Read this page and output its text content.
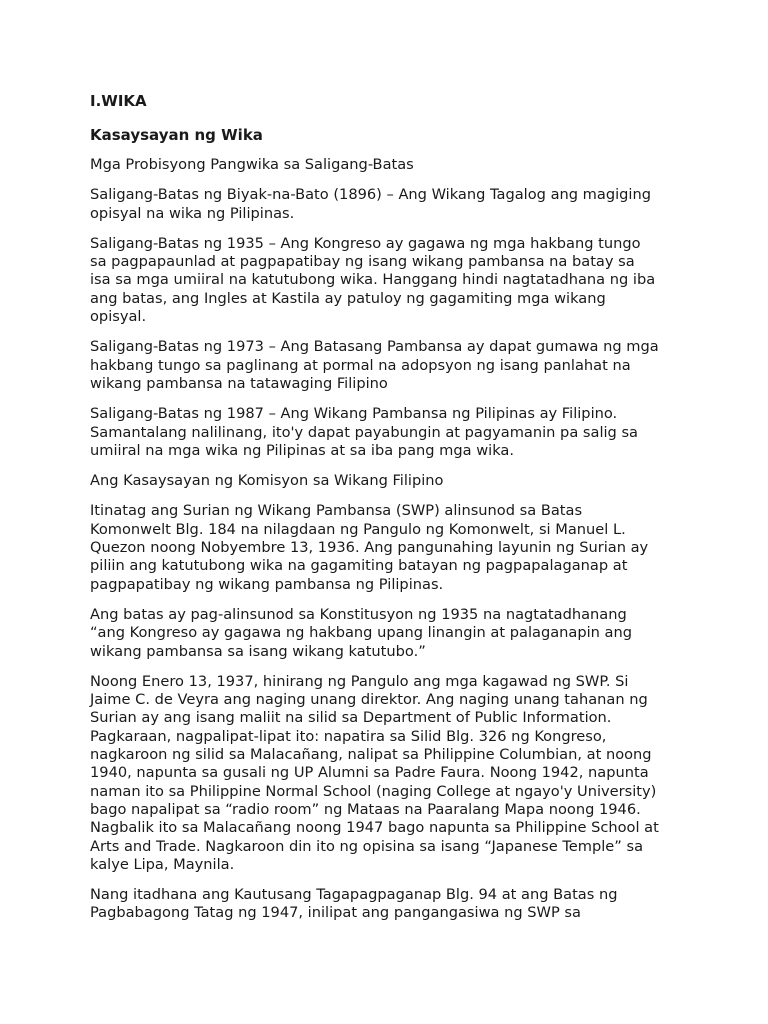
I.WIKA
Kasaysayan ng Wika
Mga Probisyong Pangwika sa Saligang-Batas
Saligang-Batas ng Biyak-na-Bato (1896) – Ang Wikang Tagalog ang magiging
opisyal na wika ng Pilipinas.
Saligang-Batas ng 1935 – Ang Kongreso ay gagawa ng mga hakbang tungo
sa pagpapaunlad at pagpapatibay ng isang wikang pambansa na batay sa
isa sa mga umiiral na katutubong wika. Hanggang hindi nagtatadhana ng iba
ang batas, ang Ingles at Kastila ay patuloy ng gagamiting mga wikang
opisyal.
Saligang-Batas ng 1973 – Ang Batasang Pambansa ay dapat gumawa ng mga
hakbang tungo sa paglinang at pormal na adopsyon ng isang panlahat na
wikang pambansa na tatawaging Filipino
Saligang-Batas ng 1987 – Ang Wikang Pambansa ng Pilipinas ay Filipino.
Samantalang nalilinang, ito'y dapat payabungin at pagyamanin pa salig sa
umiiral na mga wika ng Pilipinas at sa iba pang mga wika.
Ang Kasaysayan ng Komisyon sa Wikang Filipino
Itinatag ang Surian ng Wikang Pambansa (SWP) alinsunod sa Batas
Komonwelt Blg. 184 na nilagdaan ng Pangulo ng Komonwelt, si Manuel L.
Quezon noong Nobyembre 13, 1936. Ang pangunahing layunin ng Surian ay
piliin ang katutubong wika na gagamiting batayan ng pagpapalaganap at
pagpapatibay ng wikang pambansa ng Pilipinas.
Ang batas ay pag-alinsunod sa Konstitusyon ng 1935 na nagtatadhanang
“ang Kongreso ay gagawa ng hakbang upang linangin at palaganapin ang
wikang pambansa sa isang wikang katutubo.”
Noong Enero 13, 1937, hinirang ng Pangulo ang mga kagawad ng SWP. Si
Jaime C. de Veyra ang naging unang direktor. Ang naging unang tahanan ng
Surian ay ang isang maliit na silid sa Department of Public Information.
Pagkaraan, nagpalipat-lipat ito: napatira sa Silid Blg. 326 ng Kongreso,
nagkaroon ng silid sa Malacañang, nalipat sa Philippine Columbian, at noong
1940, napunta sa gusali ng UP Alumni sa Padre Faura. Noong 1942, napunta
naman ito sa Philippine Normal School (naging College at ngayo'y University)
bago napalipat sa “radio room” ng Mataas na Paaralang Mapa noong 1946.
Nagbalik ito sa Malacañang noong 1947 bago napunta sa Philippine School at
Arts and Trade. Nagkaroon din ito ng opisina sa isang “Japanese Temple” sa
kalye Lipa, Maynila.
Nang itadhana ang Kautusang Tagapagpaganap Blg. 94 at ang Batas ng
Pagbabagong Tatag ng 1947, inilipat ang pangangasiwa ng SWP sa
